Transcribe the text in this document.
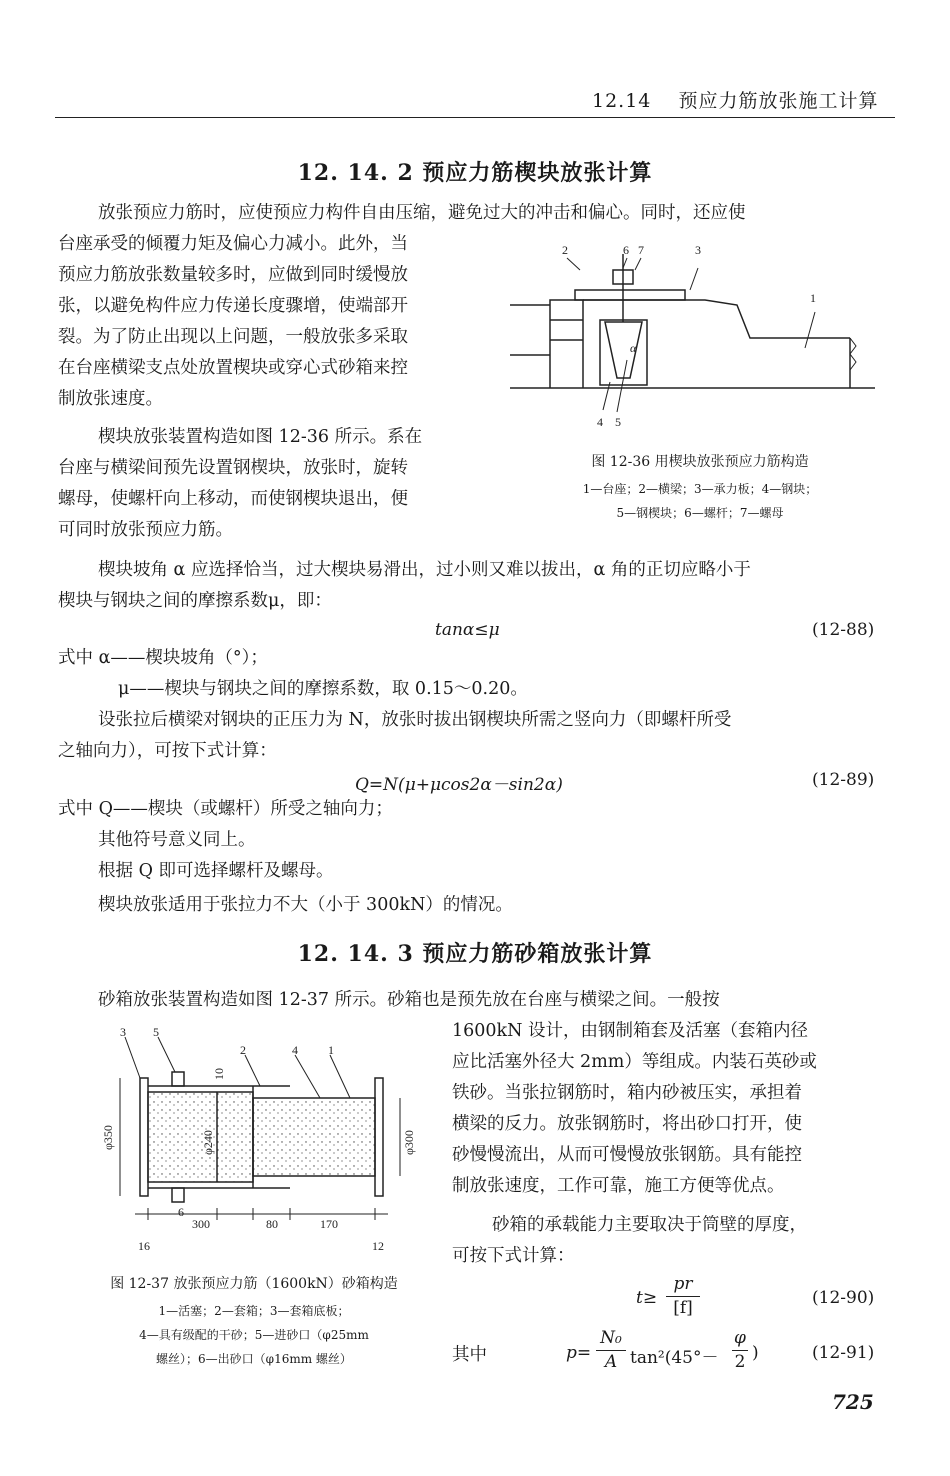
12.14 预应力筋放张施工计算
12. 14. 2 预应力筋楔块放张计算
放张预应力筋时，应使预应力构件自由压缩，避免过大的冲击和偏心。同时，还应使
台座承受的倾覆力矩及偏心力减小。此外，当
预应力筋放张数量较多时，应做到同时缓慢放
张，以避免构件应力传递长度骤增，使端部开
裂。为了防止出现以上问题，一般放张多采取
在台座横梁支点处放置楔块或穿心式砂箱来控
制放张速度。
楔块放张装置构造如图 12-36 所示。系在
台座与横梁间预先设置钢楔块，放张时，旋转
螺母，使螺杆向上移动，而使钢楔块退出，便
可同时放张预应力筋。
2	6 7	3
1
α
4 5
图 12-36 用楔块放张预应力筋构造
1—台座；2—横梁；3—承力板；4—钢块；
5—钢楔块；6—螺杆；7—螺母
楔块坡角 α 应选择恰当，过大楔块易滑出，过小则又难以拔出，α 角的正切应略小于
楔块与钢块之间的摩擦系数μ，即：
tanα≤μ	(12-88)
式中 α——楔块坡角（°）；
μ——楔块与钢块之间的摩擦系数，取 0.15～0.20。
设张拉后横梁对钢块的正压力为 N，放张时拔出钢楔块所需之竖向力（即螺杆所受
之轴向力），可按下式计算：
Q=N(μ+μcos2α－sin2α)	(12-89)
式中 Q——楔块（或螺杆）所受之轴向力；
其他符号意义同上。
根据 Q 即可选择螺杆及螺母。
楔块放张适用于张拉力不大（小于 300kN）的情况。
12. 14. 3 预应力筋砂箱放张计算
砂箱放张装置构造如图 12-37 所示。砂箱也是预先放在台座与横梁之间。一般按
1600kN 设计，由钢制箱套及活塞（套箱内径
应比活塞外径大 2mm）等组成。内装石英砂或
铁砂。当张拉钢筋时，箱内砂被压实，承担着
横梁的反力。放张钢筋时，将出砂口打开，使
砂慢慢流出，从而可慢慢放张钢筋。具有能控
制放张速度，工作可靠，施工方便等优点。
砂箱的承载能力主要取决于筒壁的厚度，
可按下式计算：
t≥
pr
[f]	(12-90)
其中	p=
N₀
A tan²(45°－
φ
2 )	(12-91)
3 5
2	4	1
6
10
φ350	φ240	φ300
300	80	170
16	12
图 12-37 放张预应力筋（1600kN）砂箱构造
1—活塞；2—套箱；3—套箱底板；
4—具有级配的干砂；5—进砂口（φ25mm
螺丝）；6—出砂口（φ16mm 螺丝）
725
